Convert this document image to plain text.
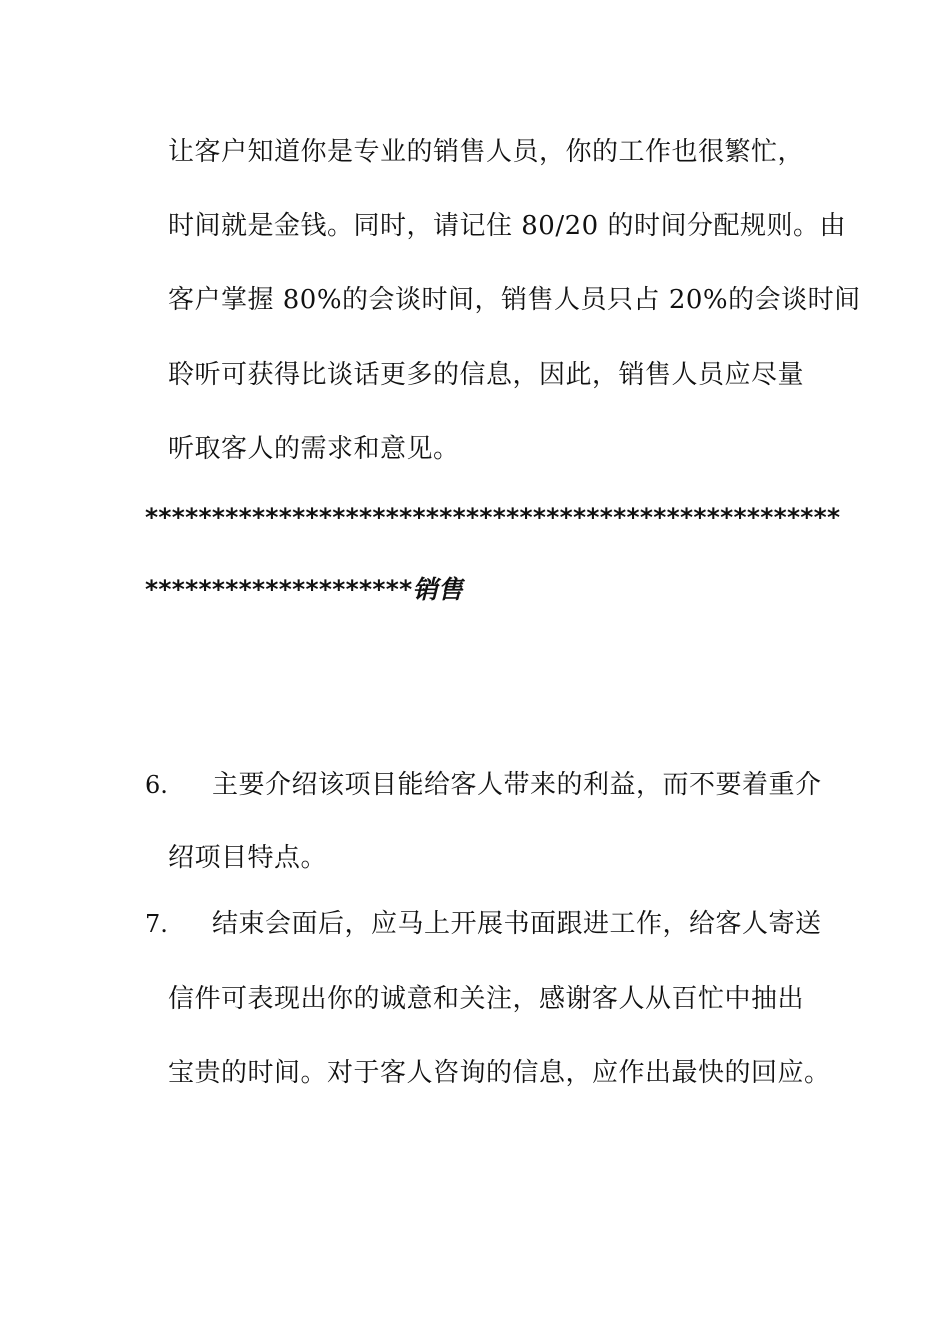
让客户知道你是专业的销售人员，你的工作也很繁忙，
时间就是金钱。同时，请记住 80/20 的时间分配规则。由
客户掌握 80%的会谈时间，销售人员只占 20%的会谈时间
聆听可获得比谈话更多的信息，因此，销售人员应尽量
听取客人的需求和意见。
****************************************************
********************销售
6. 主要介绍该项目能给客人带来的利益，而不要着重介
绍项目特点。
7. 结束会面后，应马上开展书面跟进工作，给客人寄送
信件可表现出你的诚意和关注，感谢客人从百忙中抽出
宝贵的时间。对于客人咨询的信息，应作出最快的回应。
